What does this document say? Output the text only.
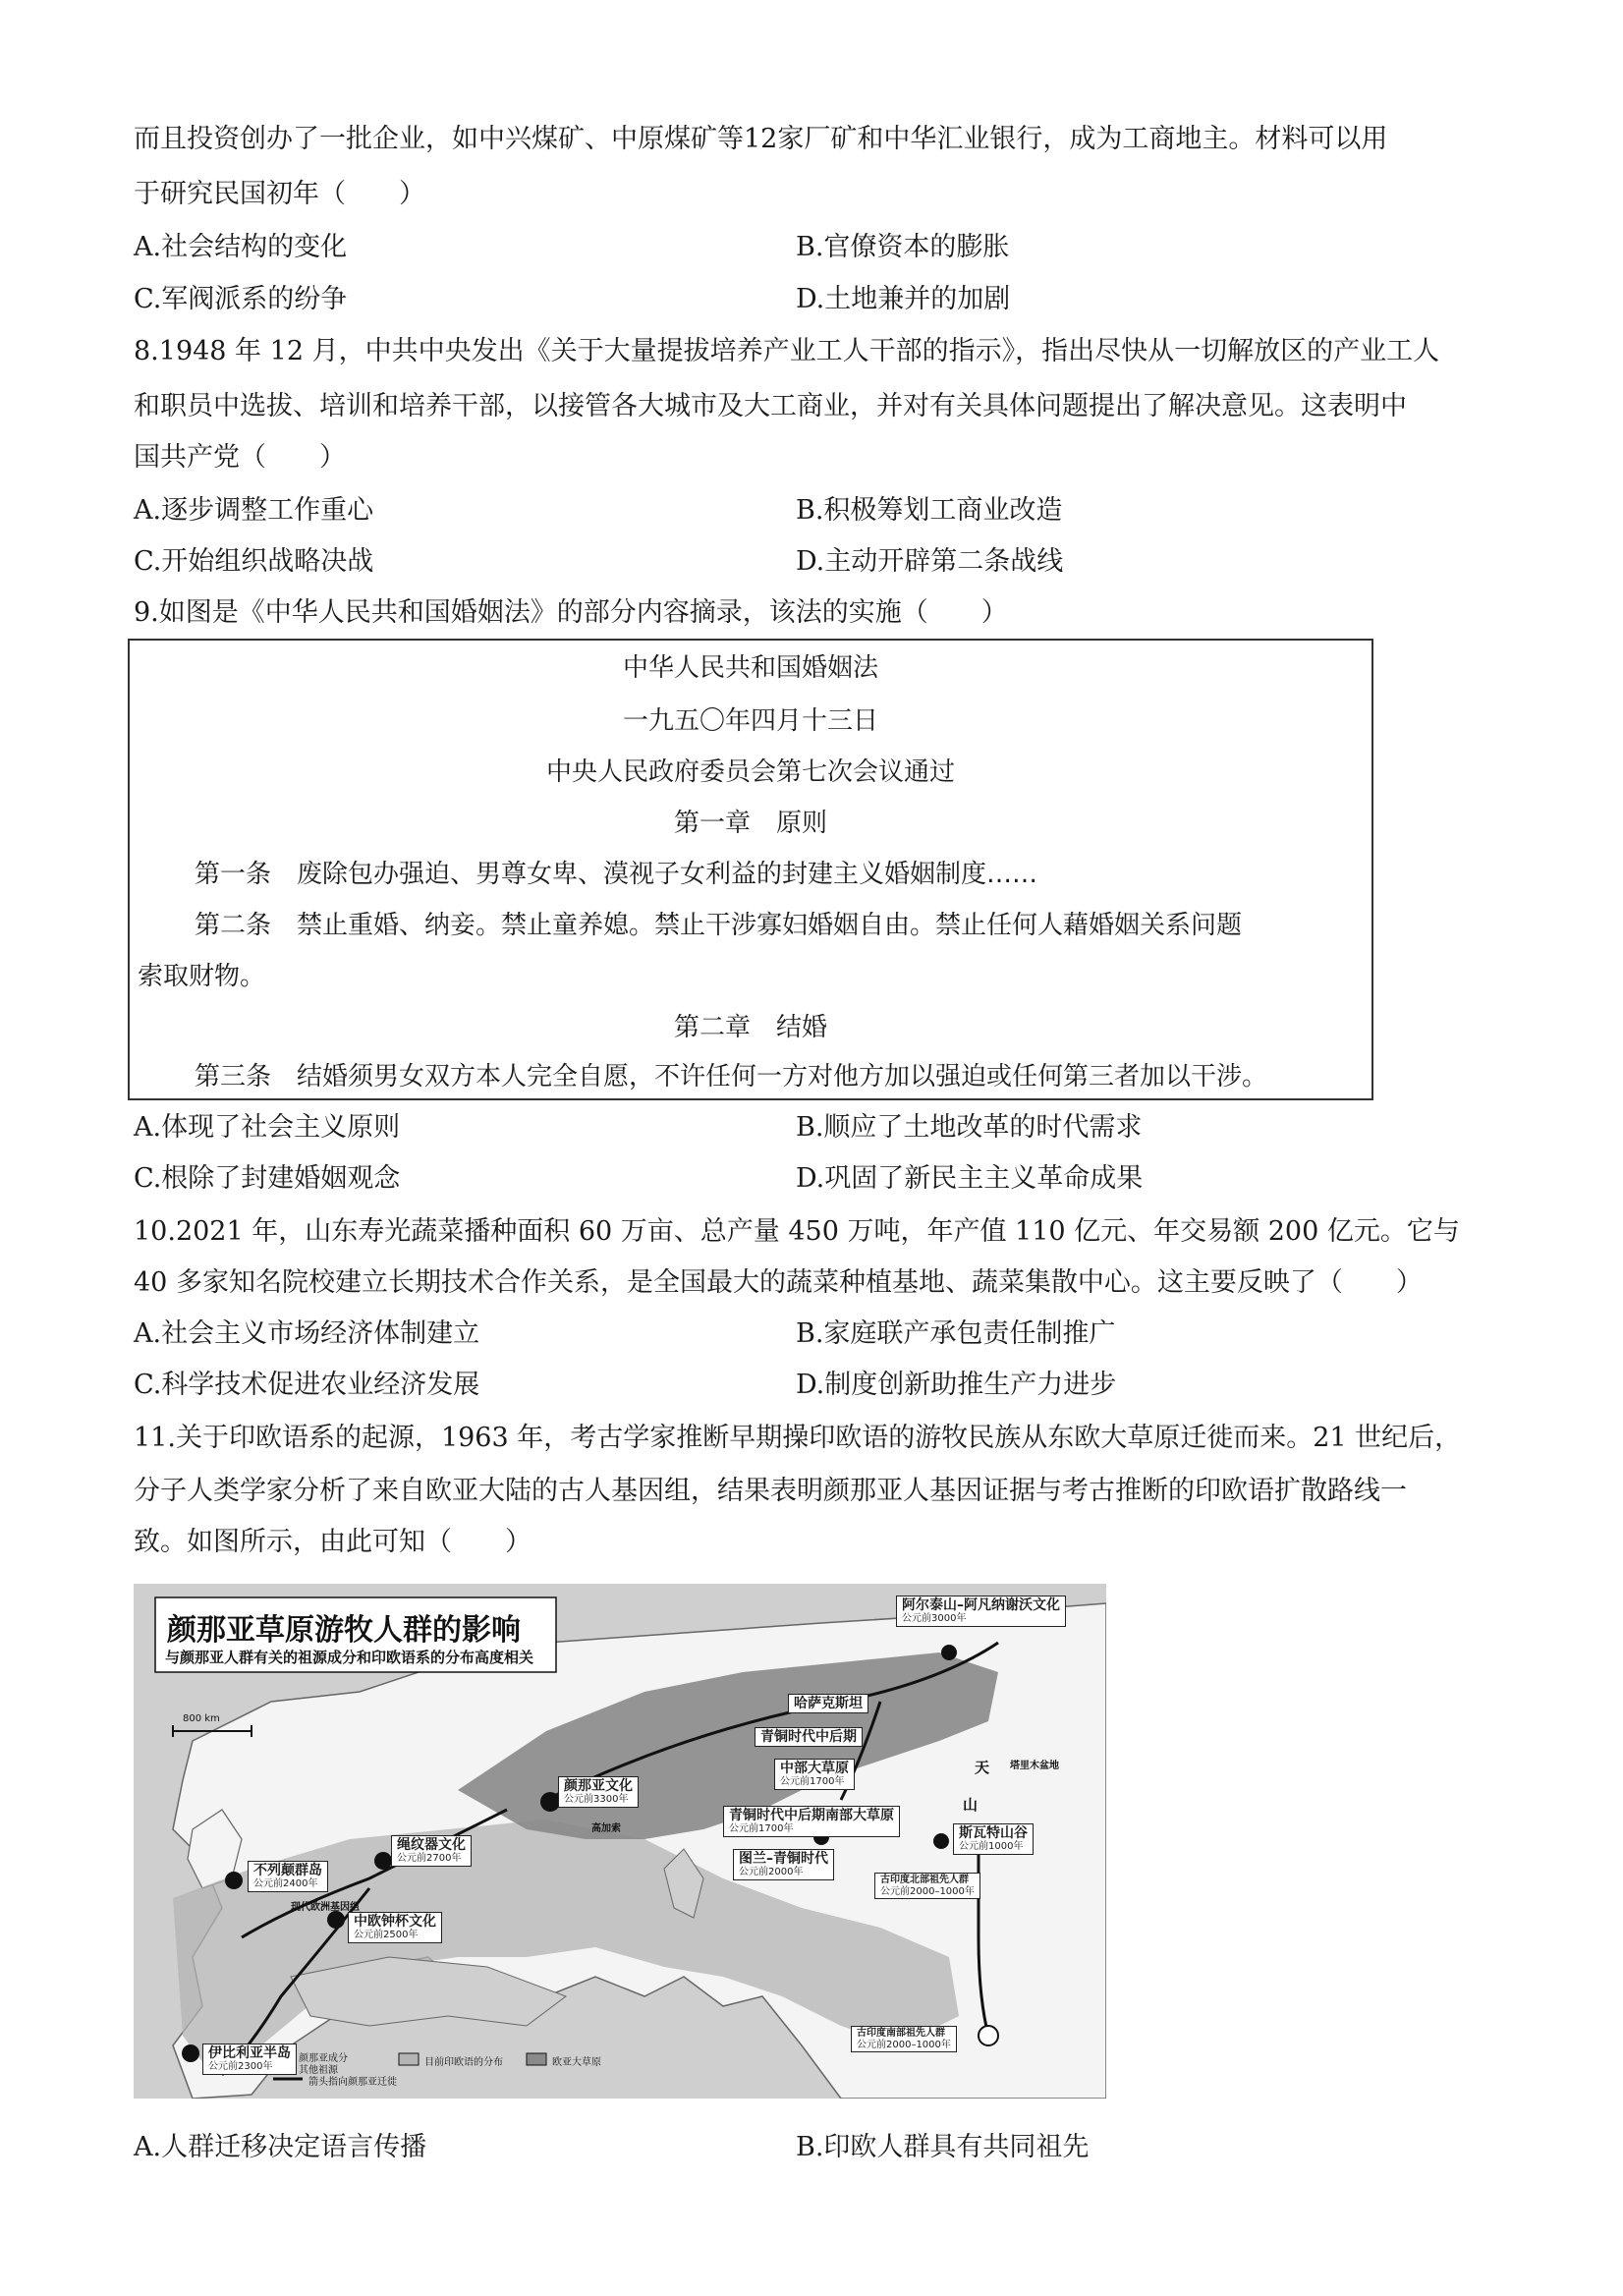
而且投资创办了一批企业，如中兴煤矿、中原煤矿等12家厂矿和中华汇业银行，成为工商地主。材料可以用
于研究民国初年（　　）
A.社会结构的变化	B.官僚资本的膨胀
C.军阀派系的纷争	D.土地兼并的加剧
8.1948 年 12 月，中共中央发出《关于大量提拔培养产业工人干部的指示》，指出尽快从一切解放区的产业工人
和职员中选拔、培训和培养干部，以接管各大城市及大工商业，并对有关具体问题提出了解决意见。这表明中
国共产党（　　）
A.逐步调整工作重心	B.积极筹划工商业改造
C.开始组织战略决战	D.主动开辟第二条战线
9.如图是《中华人民共和国婚姻法》的部分内容摘录，该法的实施（　　）
中华人民共和国婚姻法
一九五〇年四月十三日
中央人民政府委员会第七次会议通过
第一章　原则
第一条　废除包办强迫、男尊女卑、漠视子女利益的封建主义婚姻制度……
第二条　禁止重婚、纳妾。禁止童养媳。禁止干涉寡妇婚姻自由。禁止任何人藉婚姻关系问题
索取财物。
第二章　结婚
第三条　结婚须男女双方本人完全自愿，不许任何一方对他方加以强迫或任何第三者加以干涉。
A.体现了社会主义原则	B.顺应了土地改革的时代需求
C.根除了封建婚姻观念	D.巩固了新民主主义革命成果
10.2021 年，山东寿光蔬菜播种面积 60 万亩、总产量 450 万吨，年产值 110 亿元、年交易额 200 亿元。它与
40 多家知名院校建立长期技术合作关系，是全国最大的蔬菜种植基地、蔬菜集散中心。这主要反映了（　　）
A.社会主义市场经济体制建立	B.家庭联产承包责任制推广
C.科学技术促进农业经济发展	D.制度创新助推生产力进步
11.关于印欧语系的起源，1963 年，考古学家推断早期操印欧语的游牧民族从东欧大草原迁徙而来。21 世纪后，
分子人类学家分析了来自欧亚大陆的古人基因组，结果表明颜那亚人基因证据与考古推断的印欧语扩散路线一
致。如图所示，由此可知（　　）
颜那亚草原游牧人群的影响
与颜那亚人群有关的祖源成分和印欧语系的分布高度相关
800 km
阿尔泰山–阿凡纳谢沃文化
公元前3000年
哈萨克斯坦
青铜时代中后期
中部大草原
公元前1700年
青铜时代中后期南部大草原
公元前1700年
颜那亚文化
公元前3300年
绳纹器文化
公元前2700年
不列颠群岛
公元前2400年
中欧钟杯文化
公元前2500年
伊比利亚半岛
公元前2300年
图兰–青铜时代
公元前2000年
斯瓦特山谷
公元前1000年
古印度北部祖先人群
公元前2000–1000年
古印度南部祖先人群
公元前2000–1000年
天
山
塔里木盆地
高加索
现代欧洲基因组
颜那亚成分
其他祖源
箭头指向颜那亚迁徙
目前印欧语的分布	欧亚大草原
A.人群迁移决定语言传播	B.印欧人群具有共同祖先
